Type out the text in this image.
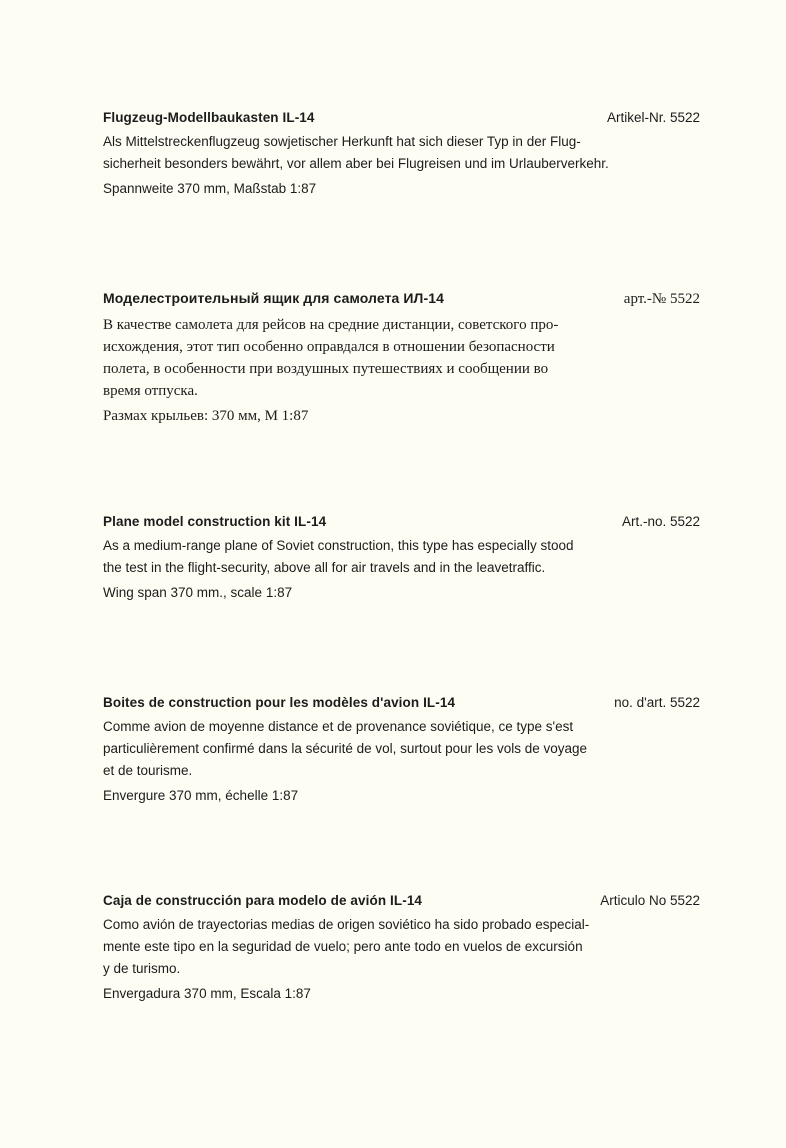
Flugzeug-Modellbaukasten IL-14	Artikel-Nr. 5522
Als Mittelstreckenflugzeug sowjetischer Herkunft hat sich dieser Typ in der Flug-
sicherheit besonders bewährt, vor allem aber bei Flugreisen und im Urlauberverkehr.
Spannweite 370 mm, Maßstab 1:87
Моделестроительный ящик для самолета ИЛ-14	арт.-№ 5522
В качестве самолета для рейсов на средние дистанции, советского про-
исхождения, этот тип особенно оправдался в отношении безопасности
полета, в особенности при воздушных путешествиях и сообщении во
время отпуска.
Размах крыльев: 370 мм, М 1:87
Plane model construction kit IL-14	Art.-no. 5522
As a medium-range plane of Soviet construction, this type has especially stood
the test in the flight-security, above all for air travels and in the leavetraffic.
Wing span 370 mm., scale 1:87
Boites de construction pour les modèles d'avion IL-14	no. d'art. 5522
Comme avion de moyenne distance et de provenance soviétique, ce type s'est
particulièrement confirmé dans la sécurité de vol, surtout pour les vols de voyage
et de tourisme.
Envergure 370 mm, échelle 1:87
Caja de construcción para modelo de avión IL-14	Articulo No 5522
Como avión de trayectorias medias de origen soviético ha sido probado especial-
mente este tipo en la seguridad de vuelo; pero ante todo en vuelos de excursión
y de turismo.
Envergadura 370 mm, Escala 1:87
